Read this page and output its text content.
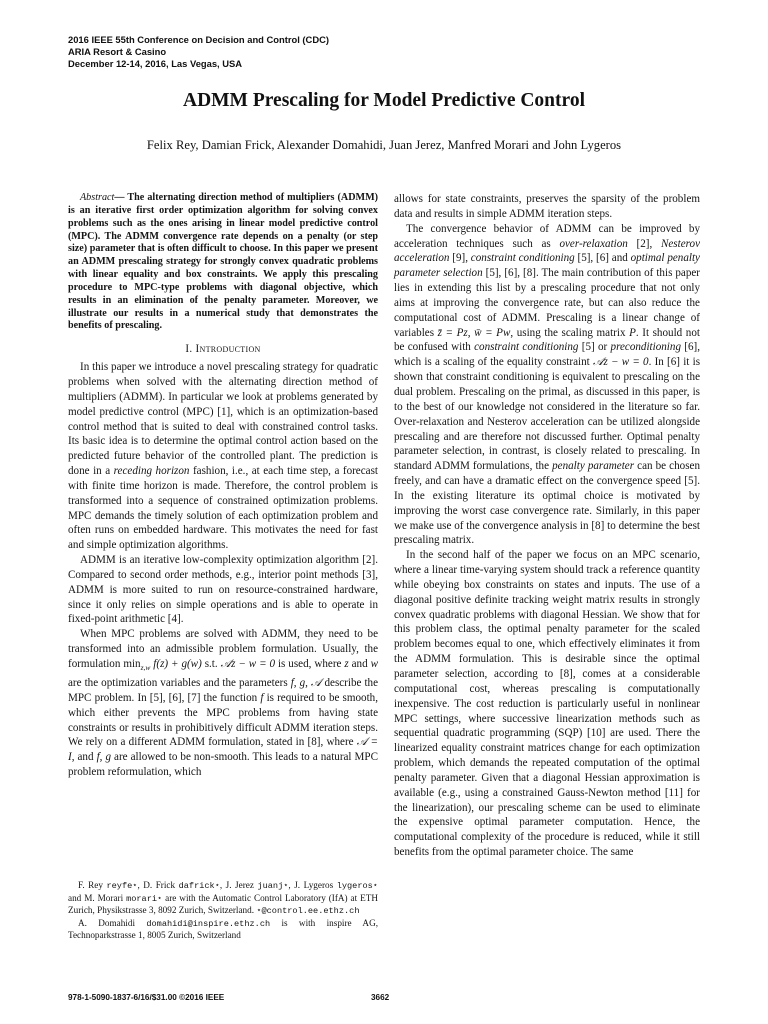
2016 IEEE 55th Conference on Decision and Control (CDC)
ARIA Resort & Casino
December 12-14, 2016, Las Vegas, USA
ADMM Prescaling for Model Predictive Control
Felix Rey, Damian Frick, Alexander Domahidi, Juan Jerez, Manfred Morari and John Lygeros

Abstract— The alternating direction method of multipliers (ADMM) is an iterative first order optimization algorithm for solving convex problems such as the ones arising in linear model predictive control (MPC). The ADMM convergence rate depends on a penalty (or step size) parameter that is often difficult to choose. In this paper we present an ADMM prescaling strategy for strongly convex quadratic problems with linear equality and box constraints. We apply this prescaling procedure to MPC-type problems with diagonal objective, which results in an elimination of the penalty parameter. Moreover, we illustrate our results in a numerical study that demonstrates the benefits of prescaling.

I. Introduction

In this paper we introduce a novel prescaling strategy for quadratic problems when solved with the alternating direction method of multipliers (ADMM). In particular we look at problems generated by model predictive control (MPC) [1], which is an optimization-based control method that is suited to deal with constrained control tasks. Its basic idea is to determine the optimal control action based on the predicted future behavior of the controlled plant. The prediction is done in a receding horizon fashion, i.e., at each time step, a forecast with finite time horizon is made. Therefore, the control problem is transformed into a sequence of constrained optimization problems. MPC demands the timely solution of each optimization problem and often runs on embedded hardware. This motivates the need for fast and simple optimization algorithms.

ADMM is an iterative low-complexity optimization algorithm [2]. Compared to second order methods, e.g., interior point methods [3], ADMM is more suited to run on resource-constrained hardware, since it only relies on simple operations and is able to operate in fixed-point arithmetic [4].

When MPC problems are solved with ADMM, they need to be transformed into an admissible problem formulation. Usually, the formulation $\min_{z,w} f(z) + g(w)$ s.t. 𝒜z − w = 0 is used, where z and w are the optimization variables and the parameters f, g, 𝒜 describe the MPC problem. In [5], [6], [7] the function f is required to be smooth, which either prevents the MPC problems from having state constraints or results in prohibitively difficult ADMM iteration steps. We rely on a different ADMM formulation, stated in [8], where 𝒜 = I, and f, g are allowed to be non-smooth. This leads to a natural MPC problem reformulation, which

allows for state constraints, preserves the sparsity of the problem data and results in simple ADMM iteration steps.

The convergence behavior of ADMM can be improved by acceleration techniques such as over-relaxation [2], Nesterov acceleration [9], constraint conditioning [5], [6] and optimal penalty parameter selection [5], [6], [8]. The main contribution of this paper lies in extending this list by a prescaling procedure that not only aims at improving the convergence rate, but can also reduce the computational cost of ADMM. Prescaling is a linear change of variables z̄ = Pz, w̄ = Pw, using the scaling matrix P. It should not be confused with constraint conditioning [5] or preconditioning [6], which is a scaling of the equality constraint 𝒜z − w = 0. In [6] it is shown that constraint conditioning is equivalent to prescaling on the dual problem. Prescaling on the primal, as discussed in this paper, is to the best of our knowledge not considered in the literature so far. Over-relaxation and Nesterov acceleration can be utilized alongside prescaling and are therefore not discussed further. Optimal penalty parameter selection, in contrast, is closely related to prescaling. In standard ADMM formulations, the penalty parameter can be chosen freely, and can have a dramatic effect on the convergence speed [5]. In the existing literature its optimal choice is motivated by improving the worst case convergence rate. Similarly, in this paper we make use of the convergence analysis in [8] to determine the best prescaling matrix.

In the second half of the paper we focus on an MPC scenario, where a linear time-varying system should track a reference quantity while obeying box constraints on states and inputs. The use of a diagonal positive definite tracking weight matrix results in strongly convex quadratic problems with diagonal Hessian. We show that for this problem class, the optimal penalty parameter for the scaled problem becomes equal to one, which effectively eliminates it from the ADMM formulation. This is desirable since the optimal parameter selection, according to [8], comes at a considerable computational cost, whereas prescaling is computationally inexpensive. The cost reduction is particularly useful in nonlinear MPC settings, where successive linearization methods such as sequential quadratic programming (SQP) [10] are used. There the linearized equality constraint matrices change for each optimization problem, which demands the repeated computation of the optimal penalty parameter. Given that a diagonal Hessian approximation is available (e.g., using a constrained Gauss-Newton method [11] for the linearization), our prescaling scheme can be used to eliminate the expensive optimal parameter computation. Hence, the computational complexity of the procedure is reduced, while it still benefits from the optimal parameter choice. The same

F. Rey reyfe⋆, D. Frick dafrick⋆, J. Jerez juanj⋆, J. Lygeros lygeros⋆ and M. Morari morari⋆ are with the Automatic Control Laboratory (IfA) at ETH Zurich, Physikstrasse 3, 8092 Zurich, Switzerland. ⋆@control.ee.ethz.ch

A. Domahidi domahidi@inspire.ethz.ch is with inspire AG, Technoparkstrasse 1, 8005 Zurich, Switzerland

978-1-5090-1837-6/16/$31.00 ©2016 IEEE	3662
